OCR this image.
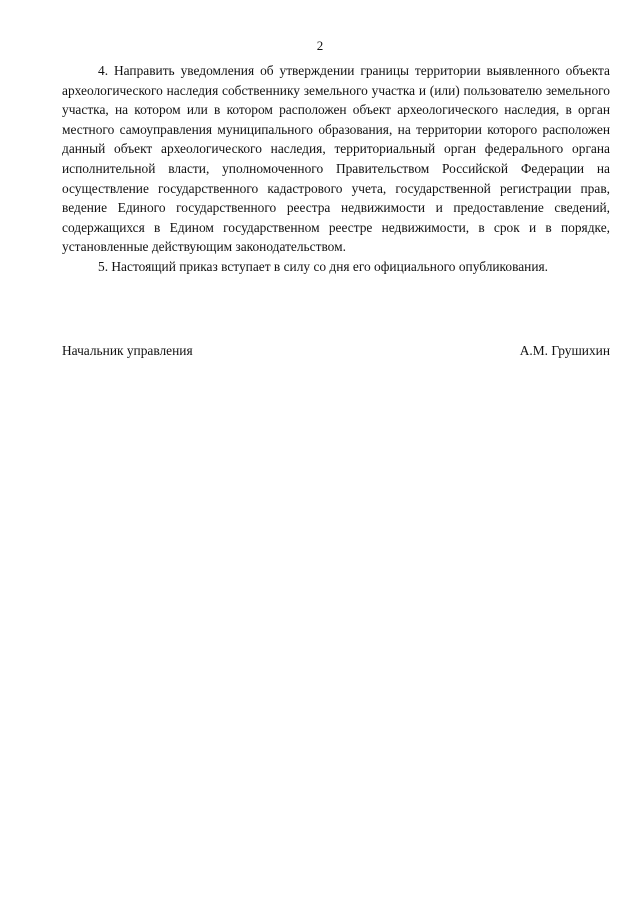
2

4. Направить уведомления об утверждении границы территории выявленного объекта археологического наследия собственнику земельного участка и (или) пользователю земельного участка, на котором или в котором расположен объект археологического наследия, в орган местного самоуправления муниципального образования, на территории которого расположен данный объект археологического наследия, территориальный орган федерального органа исполнительной власти, уполномоченного Правительством Российской Федерации на осуществление государственного кадастрового учета, государственной регистрации прав, ведение Единого государственного реестра недвижимости и предоставление сведений, содержащихся в Едином государственном реестре недвижимости, в срок и в порядке, установленные действующим законодательством.

5. Настоящий приказ вступает в силу со дня его официального опубликования.

Начальник управления	А.М. Грушихин
